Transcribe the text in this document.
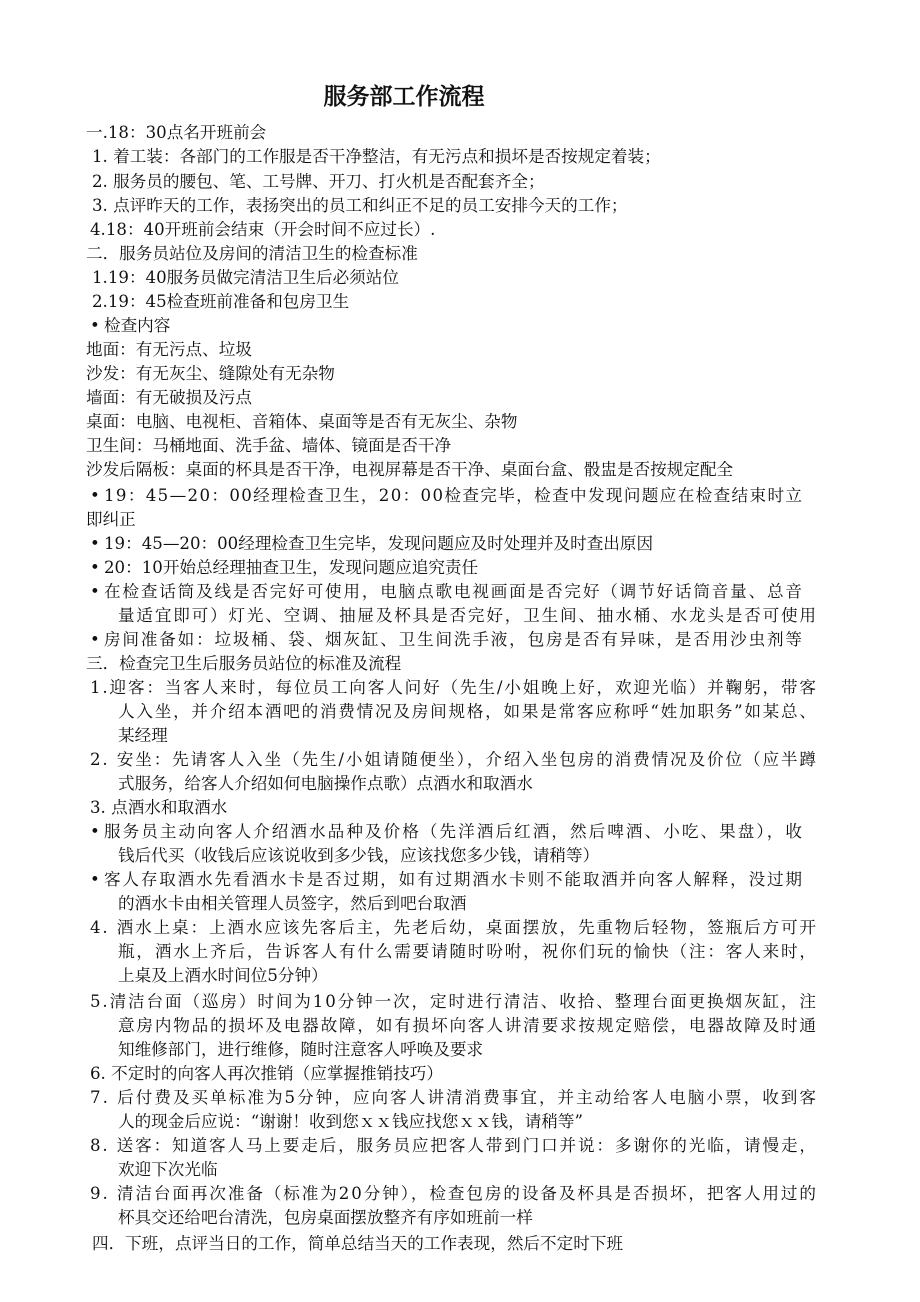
服务部工作流程
一.18：30点名开班前会
1. 着工装：各部门的工作服是否干净整洁，有无污点和损坏是否按规定着装；
2. 服务员的腰包、笔、工号牌、开刀、打火机是否配套齐全；
3. 点评昨天的工作，表扬突出的员工和纠正不足的员工安排今天的工作；
4.18：40开班前会结束（开会时间不应过长）.
二．服务员站位及房间的清洁卫生的检查标准
1.19：40服务员做完清洁卫生后必须站位
2.19：45检查班前准备和包房卫生
• 检查内容
地面：有无污点、垃圾
沙发：有无灰尘、缝隙处有无杂物
墙面：有无破损及污点
桌面：电脑、电视柜、音箱体、桌面等是否有无灰尘、杂物
卫生间：马桶地面、洗手盆、墙体、镜面是否干净
沙发后隔板：桌面的杯具是否干净，电视屏幕是否干净、桌面台盒、骰盅是否按规定配全
• 19：45—20：00经理检查卫生，20：00检查完毕，检查中发现问题应在检查结束时立
即纠正
• 19：45—20：00经理检查卫生完毕，发现问题应及时处理并及时查出原因
• 20：10开始总经理抽查卫生，发现问题应追究责任
• 在检查话筒及线是否完好可使用，电脑点歌电视画面是否完好（调节好话筒音量、总音
量适宜即可）灯光、空调、抽屉及杯具是否完好，卫生间、抽水桶、水龙头是否可使用
• 房间准备如：垃圾桶、袋、烟灰缸、卫生间洗手液，包房是否有异味，是否用沙虫剂等
三．检查完卫生后服务员站位的标准及流程
1.迎客：当客人来时，每位员工向客人问好（先生/小姐晚上好，欢迎光临）并鞠躬，带客
人入坐，并介绍本酒吧的消费情况及房间规格，如果是常客应称呼“姓加职务”如某总、
某经理
2. 安坐：先请客人入坐（先生/小姐请随便坐），介绍入坐包房的消费情况及价位（应半蹲
式服务，给客人介绍如何电脑操作点歌）点酒水和取酒水
3. 点酒水和取酒水
• 服务员主动向客人介绍酒水品种及价格（先洋酒后红酒，然后啤酒、小吃、果盘），收
钱后代买（收钱后应该说收到多少钱，应该找您多少钱，请稍等）
• 客人存取酒水先看酒水卡是否过期，如有过期酒水卡则不能取酒并向客人解释，没过期
的酒水卡由相关管理人员签字，然后到吧台取酒
4. 酒水上桌：上酒水应该先客后主，先老后幼，桌面摆放，先重物后轻物，签瓶后方可开
瓶，酒水上齐后，告诉客人有什么需要请随时吩咐，祝你们玩的愉快（注：客人来时，
上桌及上酒水时间位5分钟）
5.清洁台面（巡房）时间为10分钟一次，定时进行清洁、收拾、整理台面更换烟灰缸，注
意房内物品的损坏及电器故障，如有损坏向客人讲清要求按规定赔偿，电器故障及时通
知维修部门，进行维修，随时注意客人呼唤及要求
6. 不定时的向客人再次推销（应掌握推销技巧）
7. 后付费及买单标准为5分钟，应向客人讲清消费事宜，并主动给客人电脑小票，收到客
人的现金后应说：“谢谢！收到您ｘｘ钱应找您ｘｘ钱，请稍等”
8. 送客：知道客人马上要走后，服务员应把客人带到门口并说：多谢你的光临，请慢走，
欢迎下次光临
9. 清洁台面再次准备（标准为20分钟），检查包房的设备及杯具是否损坏，把客人用过的
杯具交还给吧台清洗，包房桌面摆放整齐有序如班前一样
四．下班，点评当日的工作，简单总结当天的工作表现，然后不定时下班
